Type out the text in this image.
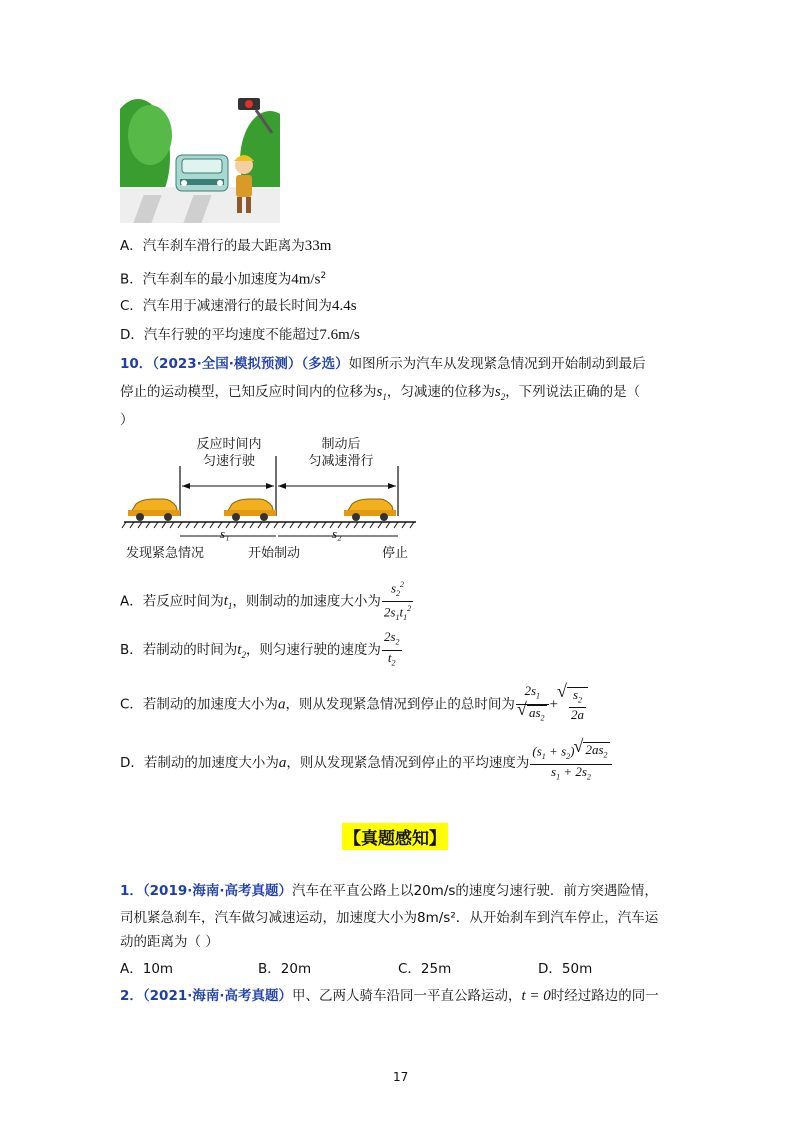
A．汽车刹车滑行的最大距离为33m
B．汽车刹车的最小加速度为$4m/s^2$
C．汽车用于减速滑行的最长时间为4.4s
D．汽车行驶的平均速度不能超过7.6m/s
10．（2023·全国·模拟预测）（多选）如图所示为汽车从发现紧急情况到开始制动到最后
停止的运动模型，已知反应时间内的位移为$s_1$，匀减速的位移为$s_2$，下列说法正确的是（
）
反应时间内
匀速行驶
制动后
匀减速滑行
s₁	s₂
发现紧急情况	开始制动	停止
A．若反应时间为$t_1$，则制动的加速度大小为 $\frac{s_2^2}{2s_1t_1^2}$
B．若制动的时间为$t_2$，则匀速行驶的速度为 $\frac{2s_2}{t_2}$
C．若制动的加速度大小为a，则从发现紧急情况到停止的总时间为 $2s_1$
√ $as_2$ + √ $\frac{s_2}{2a}$
D．若制动的加速度大小为a，则从发现紧急情况到停止的平均速度为 $\frac{(s_1 + s_2) √ 2as_2}{s_1 + 2s_2}$
【真题感知】
1．（2019·海南·高考真题）汽车在平直公路上以20m/s的速度匀速行驶．前方突遇险情，
司机紧急刹车，汽车做匀减速运动，加速度大小为8m/s²．从开始刹车到汽车停止，汽车运
动的距离为（ ）
A．10m	B．20m	C．25m	D．50m
2．（2021·海南·高考真题）甲、乙两人骑车沿同一平直公路运动，t = 0时经过路边的同一
17
